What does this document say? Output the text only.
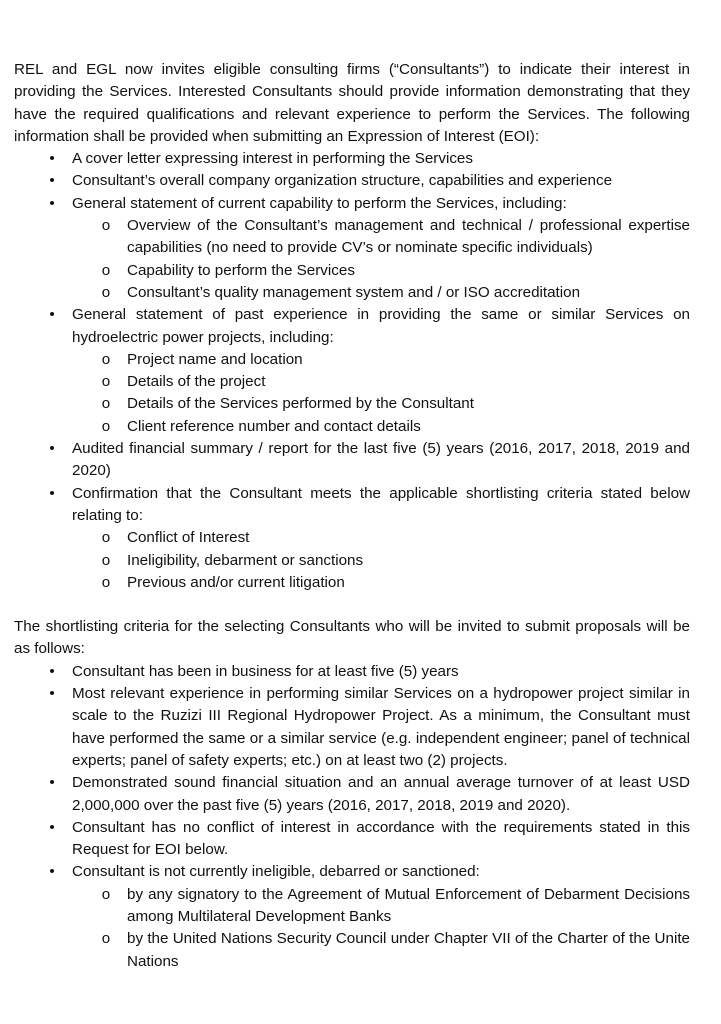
REL and EGL now invites eligible consulting firms (“Consultants”) to indicate their interest in providing the Services. Interested Consultants should provide information demonstrating that they have the required qualifications and relevant experience to perform the Services. The following information shall be provided when submitting an Expression of Interest (EOI):

• A cover letter expressing interest in performing the Services
• Consultant’s overall company organization structure, capabilities and experience
• General statement of current capability to perform the Services, including:
o Overview of the Consultant’s management and technical / professional expertise capabilities (no need to provide CV’s or nominate specific individuals)
o Capability to perform the Services
o Consultant’s quality management system and / or ISO accreditation
• General statement of past experience in providing the same or similar Services on hydroelectric power projects, including:
o Project name and location
o Details of the project
o Details of the Services performed by the Consultant
o Client reference number and contact details
• Audited financial summary / report for the last five (5) years (2016, 2017, 2018, 2019 and 2020)
• Confirmation that the Consultant meets the applicable shortlisting criteria stated below relating to:
o Conflict of Interest
o Ineligibility, debarment or sanctions
o Previous and/or current litigation

The shortlisting criteria for the selecting Consultants who will be invited to submit proposals will be as follows:

• Consultant has been in business for at least five (5) years
• Most relevant experience in performing similar Services on a hydropower project similar in scale to the Ruzizi III Regional Hydropower Project. As a minimum, the Consultant must have performed the same or a similar service (e.g. independent engineer; panel of technical experts; panel of safety experts; etc.) on at least two (2) projects.
• Demonstrated sound financial situation and an annual average turnover of at least USD 2,000,000 over the past five (5) years (2016, 2017, 2018, 2019 and 2020).
• Consultant has no conflict of interest in accordance with the requirements stated in this Request for EOI below.
• Consultant is not currently ineligible, debarred or sanctioned:
o by any signatory to the Agreement of Mutual Enforcement of Debarment Decisions among Multilateral Development Banks
o by the United Nations Security Council under Chapter VII of the Charter of the Unite Nations
